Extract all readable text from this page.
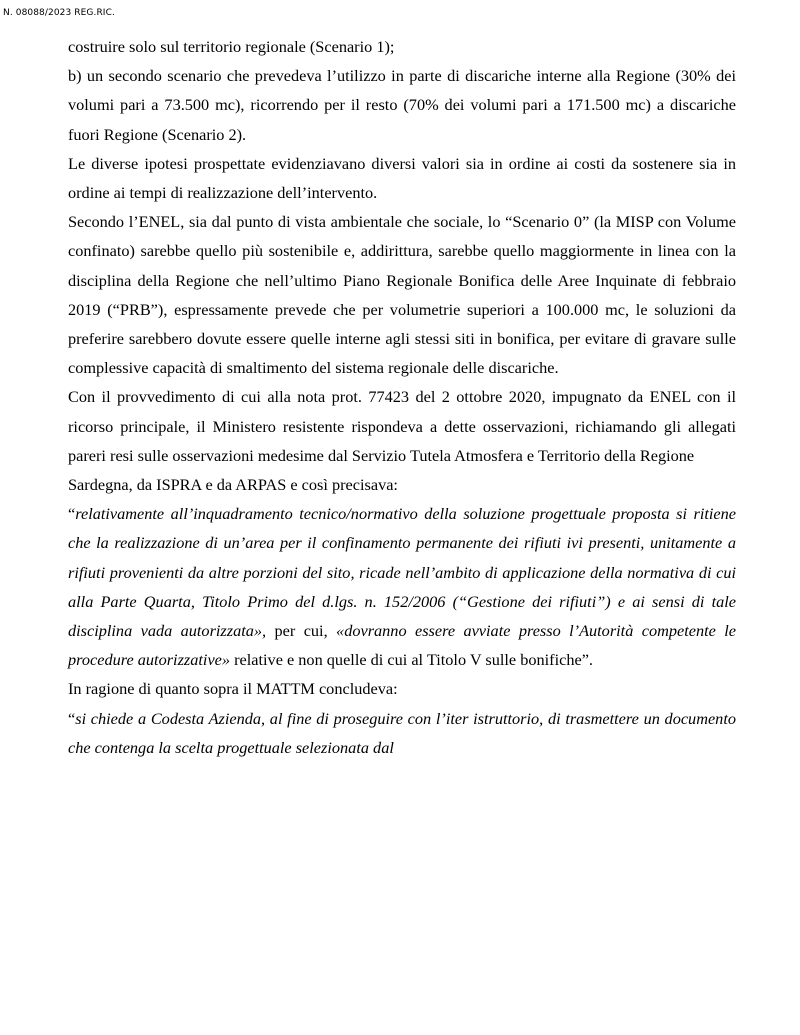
N. 08088/2023 REG.RIC.

costruire solo sul territorio regionale (Scenario 1);

b) un secondo scenario che prevedeva l’utilizzo in parte di discariche interne alla Regione (30% dei volumi pari a 73.500 mc), ricorrendo per il resto (70% dei volumi pari a 171.500 mc) a discariche fuori Regione (Scenario 2).

Le diverse ipotesi prospettate evidenziavano diversi valori sia in ordine ai costi da sostenere sia in ordine ai tempi di realizzazione dell’intervento.

Secondo l’ENEL, sia dal punto di vista ambientale che sociale, lo “Scenario 0” (la MISP con Volume confinato) sarebbe quello più sostenibile e, addirittura, sarebbe quello maggiormente in linea con la disciplina della Regione che nell’ultimo Piano Regionale Bonifica delle Aree Inquinate di febbraio 2019 (“PRB”), espressamente prevede che per volumetrie superiori a 100.000 mc, le soluzioni da preferire sarebbero dovute essere quelle interne agli stessi siti in bonifica, per evitare di gravare sulle complessive capacità di smaltimento del sistema regionale delle discariche.

Con il provvedimento di cui alla nota prot. 77423 del 2 ottobre 2020, impugnato da ENEL con il ricorso principale, il Ministero resistente rispondeva a dette osservazioni, richiamando gli allegati pareri resi sulle osservazioni medesime dal Servizio Tutela Atmosfera e Territorio della Regione

Sardegna, da ISPRA e da ARPAS e così precisava:

“relativamente all’inquadramento tecnico/normativo della soluzione progettuale proposta si ritiene che la realizzazione di un’area per il confinamento permanente dei rifiuti ivi presenti, unitamente a rifiuti provenienti da altre porzioni del sito, ricade nell’ambito di applicazione della normativa di cui alla Parte Quarta, Titolo Primo del d.lgs. n. 152/2006 (“Gestione dei rifiuti”) e ai sensi di tale disciplina vada autorizzata», per cui, «dovranno essere avviate presso l’Autorità competente le procedure autorizzative» relative e non quelle di cui al Titolo V sulle bonifiche”.

In ragione di quanto sopra il MATTM concludeva:

“si chiede a Codesta Azienda, al fine di proseguire con l’iter istruttorio, di trasmettere un documento che contenga la scelta progettuale selezionata dal
